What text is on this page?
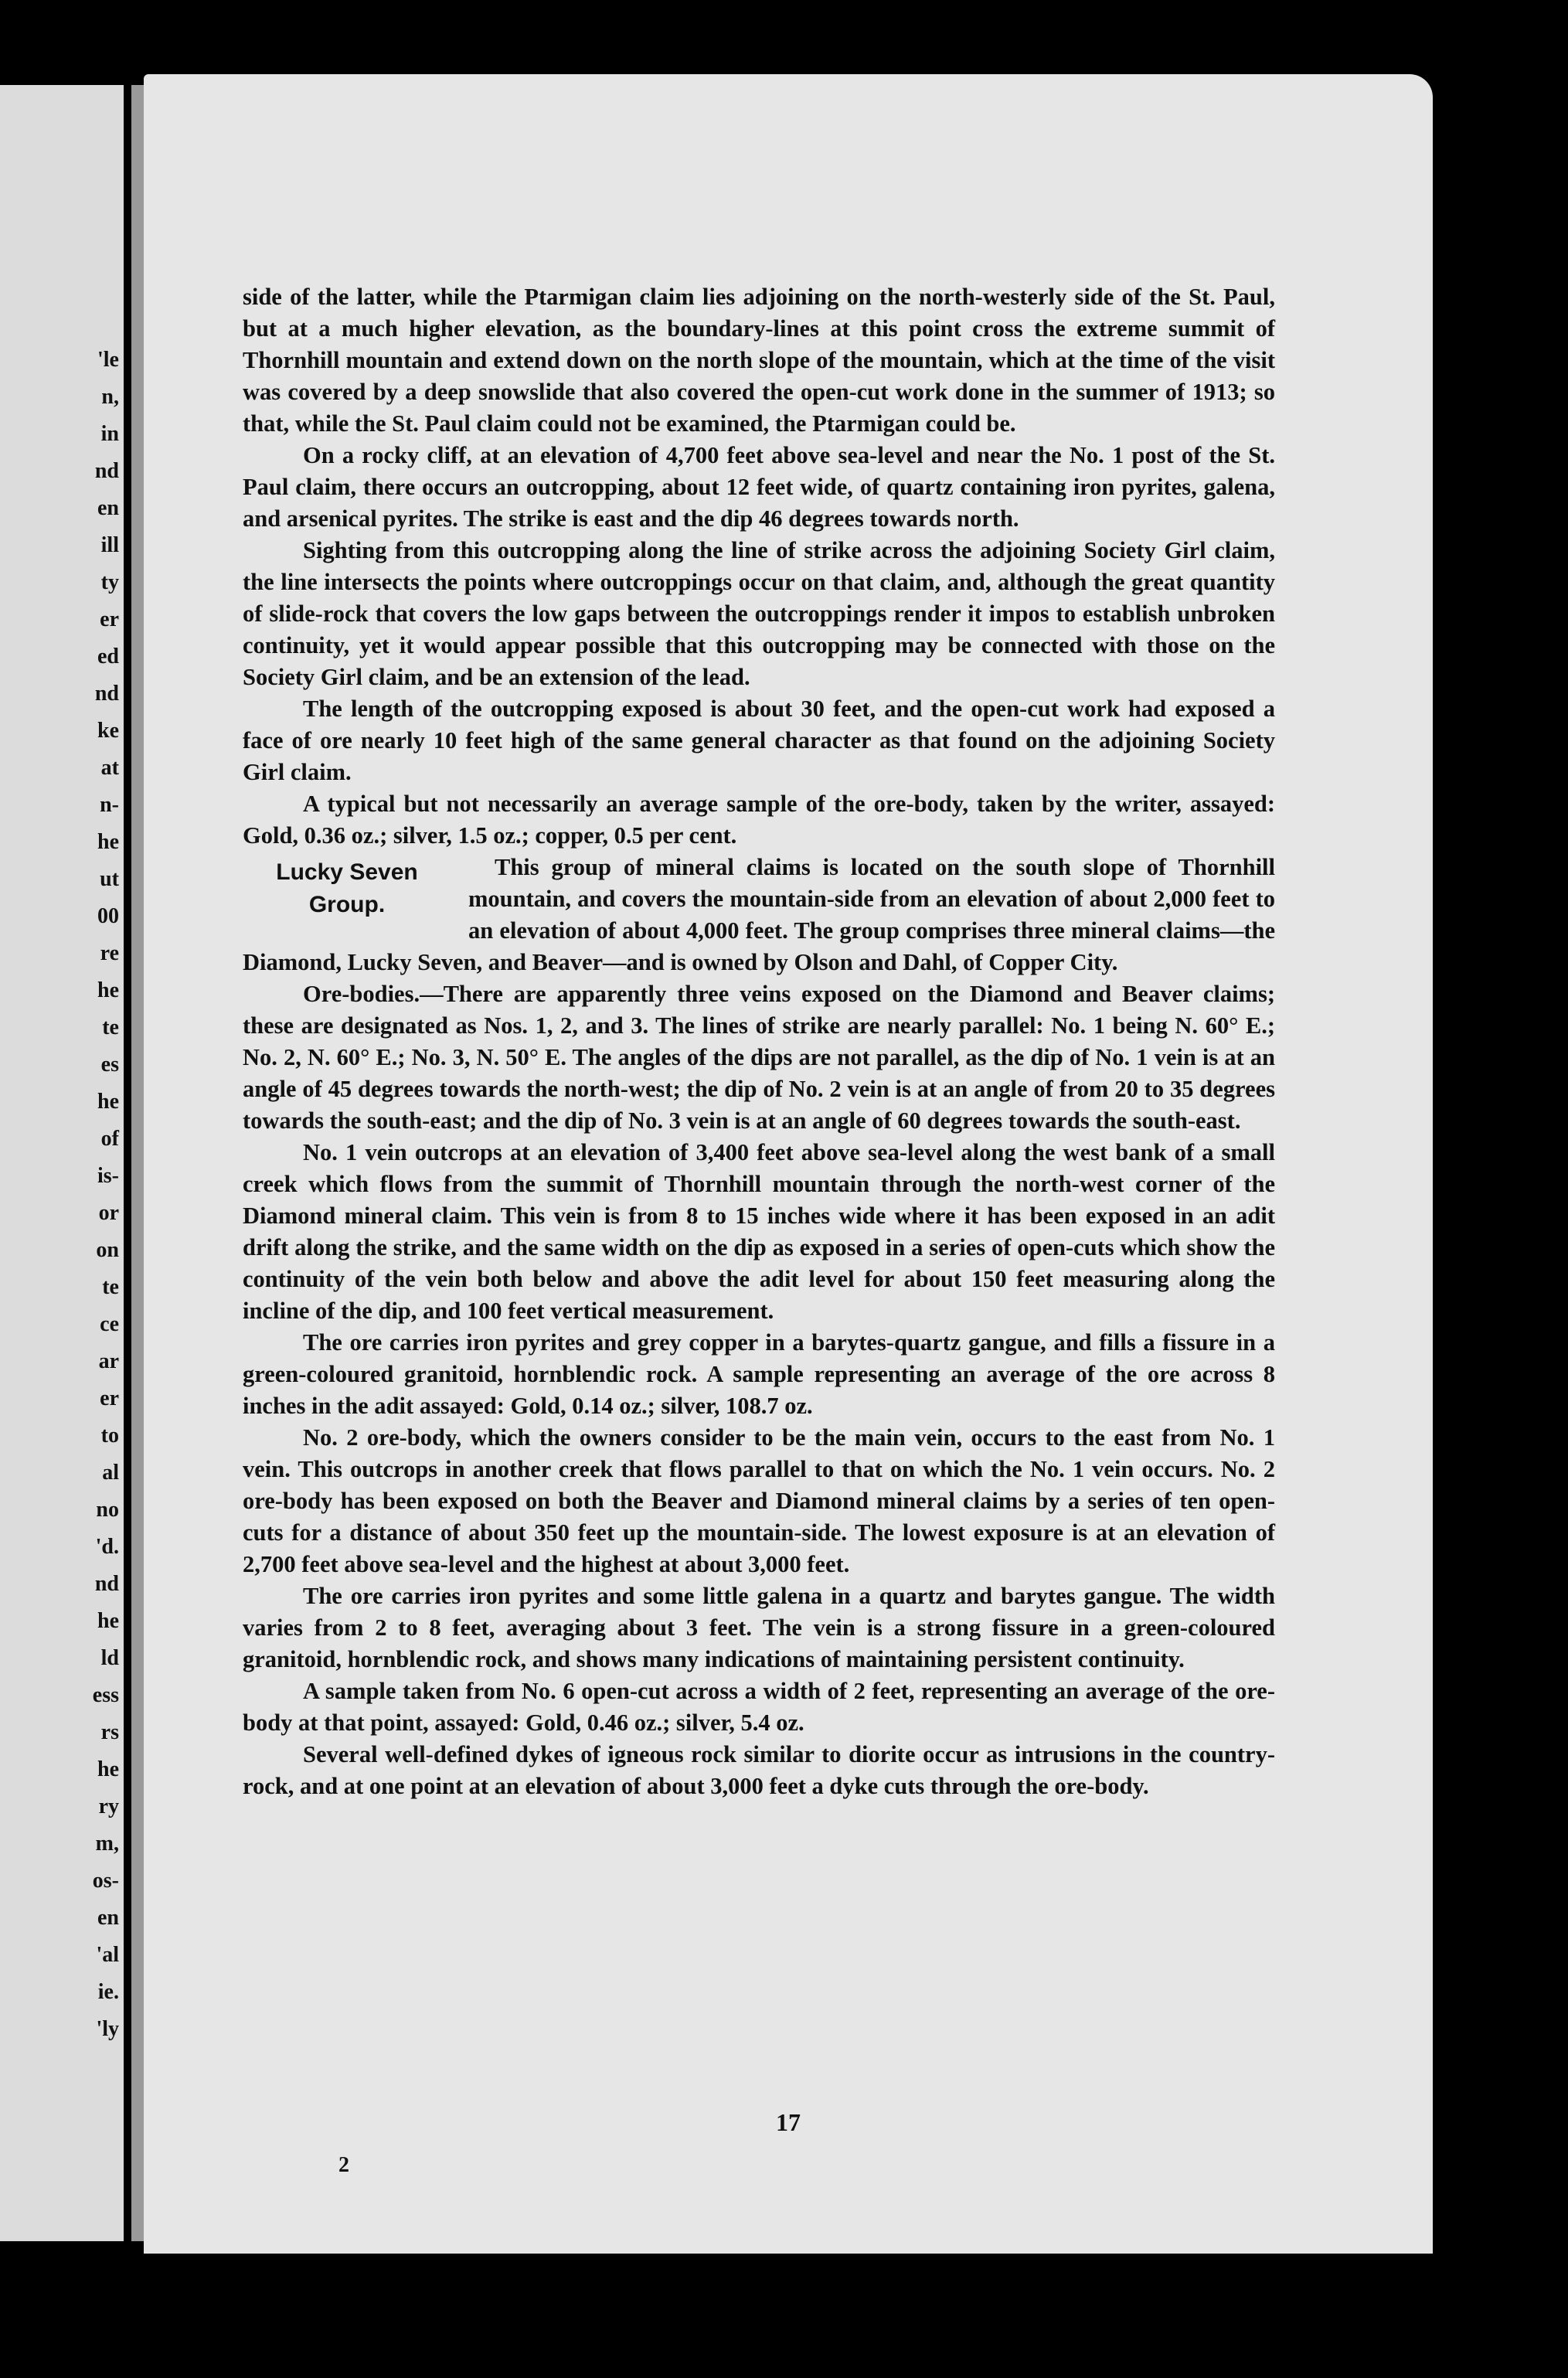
'le
n,
in
nd
en
ill
ty
er
ed
nd
ke
at
n-
he
ut
00
re
he
te
es
he
of
is-
or
on
te
ce
ar
er
to
al
no
'd.
nd
he
ld
ess
rs
he
ry
m,
os-
en
'al
ie.
'ly

side of the latter, while the Ptarmigan claim lies adjoining on the north-westerly side of the St. Paul, but at a much higher elevation, as the boundary-lines at this point cross the extreme summit of Thornhill mountain and extend down on the north slope of the mountain, which at the time of the visit was covered by a deep snowslide that also covered the open-cut work done in the summer of 1913; so that, while the St. Paul claim could not be examined, the Ptarmigan could be.

On a rocky cliff, at an elevation of 4,700 feet above sea-level and near the No. 1 post of the St. Paul claim, there occurs an outcropping, about 12 feet wide, of quartz containing iron pyrites, galena, and arsenical pyrites. The strike is east and the dip 46 degrees towards north.

Sighting from this outcropping along the line of strike across the adjoining Society Girl claim, the line intersects the points where outcroppings occur on that claim, and, although the great quantity of slide-rock that covers the low gaps between the outcroppings render it impos to establish unbroken continuity, yet it would appear possible that this outcropping may be connected with those on the Society Girl claim, and be an extension of the lead.

The length of the outcropping exposed is about 30 feet, and the open-cut work had exposed a face of ore nearly 10 feet high of the same general character as that found on the adjoining Society Girl claim.

A typical but not necessarily an average sample of the ore-body, taken by the writer, assayed: Gold, 0.36 oz.; silver, 1.5 oz.; copper, 0.5 per cent.

Lucky Seven
Group.

This group of mineral claims is located on the south slope of Thornhill mountain, and covers the mountain-side from an elevation of about 2,000 feet to an elevation of about 4,000 feet. The group comprises three mineral claims—the Diamond, Lucky Seven, and Beaver—and is owned by Olson and Dahl, of Copper City.

Ore-bodies.—There are apparently three veins exposed on the Diamond and Beaver claims; these are designated as Nos. 1, 2, and 3. The lines of strike are nearly parallel: No. 1 being N. 60° E.; No. 2, N. 60° E.; No. 3, N. 50° E. The angles of the dips are not parallel, as the dip of No. 1 vein is at an angle of 45 degrees towards the north-west; the dip of No. 2 vein is at an angle of from 20 to 35 degrees towards the south-east; and the dip of No. 3 vein is at an angle of 60 degrees towards the south-east.

No. 1 vein outcrops at an elevation of 3,400 feet above sea-level along the west bank of a small creek which flows from the summit of Thornhill mountain through the north-west corner of the Diamond mineral claim. This vein is from 8 to 15 inches wide where it has been exposed in an adit drift along the strike, and the same width on the dip as exposed in a series of open-cuts which show the continuity of the vein both below and above the adit level for about 150 feet measuring along the incline of the dip, and 100 feet vertical measurement.

The ore carries iron pyrites and grey copper in a barytes-quartz gangue, and fills a fissure in a green-coloured granitoid, hornblendic rock. A sample representing an average of the ore across 8 inches in the adit assayed: Gold, 0.14 oz.; silver, 108.7 oz.

No. 2 ore-body, which the owners consider to be the main vein, occurs to the east from No. 1 vein. This outcrops in another creek that flows parallel to that on which the No. 1 vein occurs. No. 2 ore-body has been exposed on both the Beaver and Diamond mineral claims by a series of ten open-cuts for a distance of about 350 feet up the mountain-side. The lowest exposure is at an elevation of 2,700 feet above sea-level and the highest at about 3,000 feet.

The ore carries iron pyrites and some little galena in a quartz and barytes gangue. The width varies from 2 to 8 feet, averaging about 3 feet. The vein is a strong fissure in a green-coloured granitoid, hornblendic rock, and shows many indications of maintaining persistent continuity.

A sample taken from No. 6 open-cut across a width of 2 feet, representing an average of the ore-body at that point, assayed: Gold, 0.46 oz.; silver, 5.4 oz.

Several well-defined dykes of igneous rock similar to diorite occur as intrusions in the country-rock, and at one point at an elevation of about 3,000 feet a dyke cuts through the ore-body.

17
2
